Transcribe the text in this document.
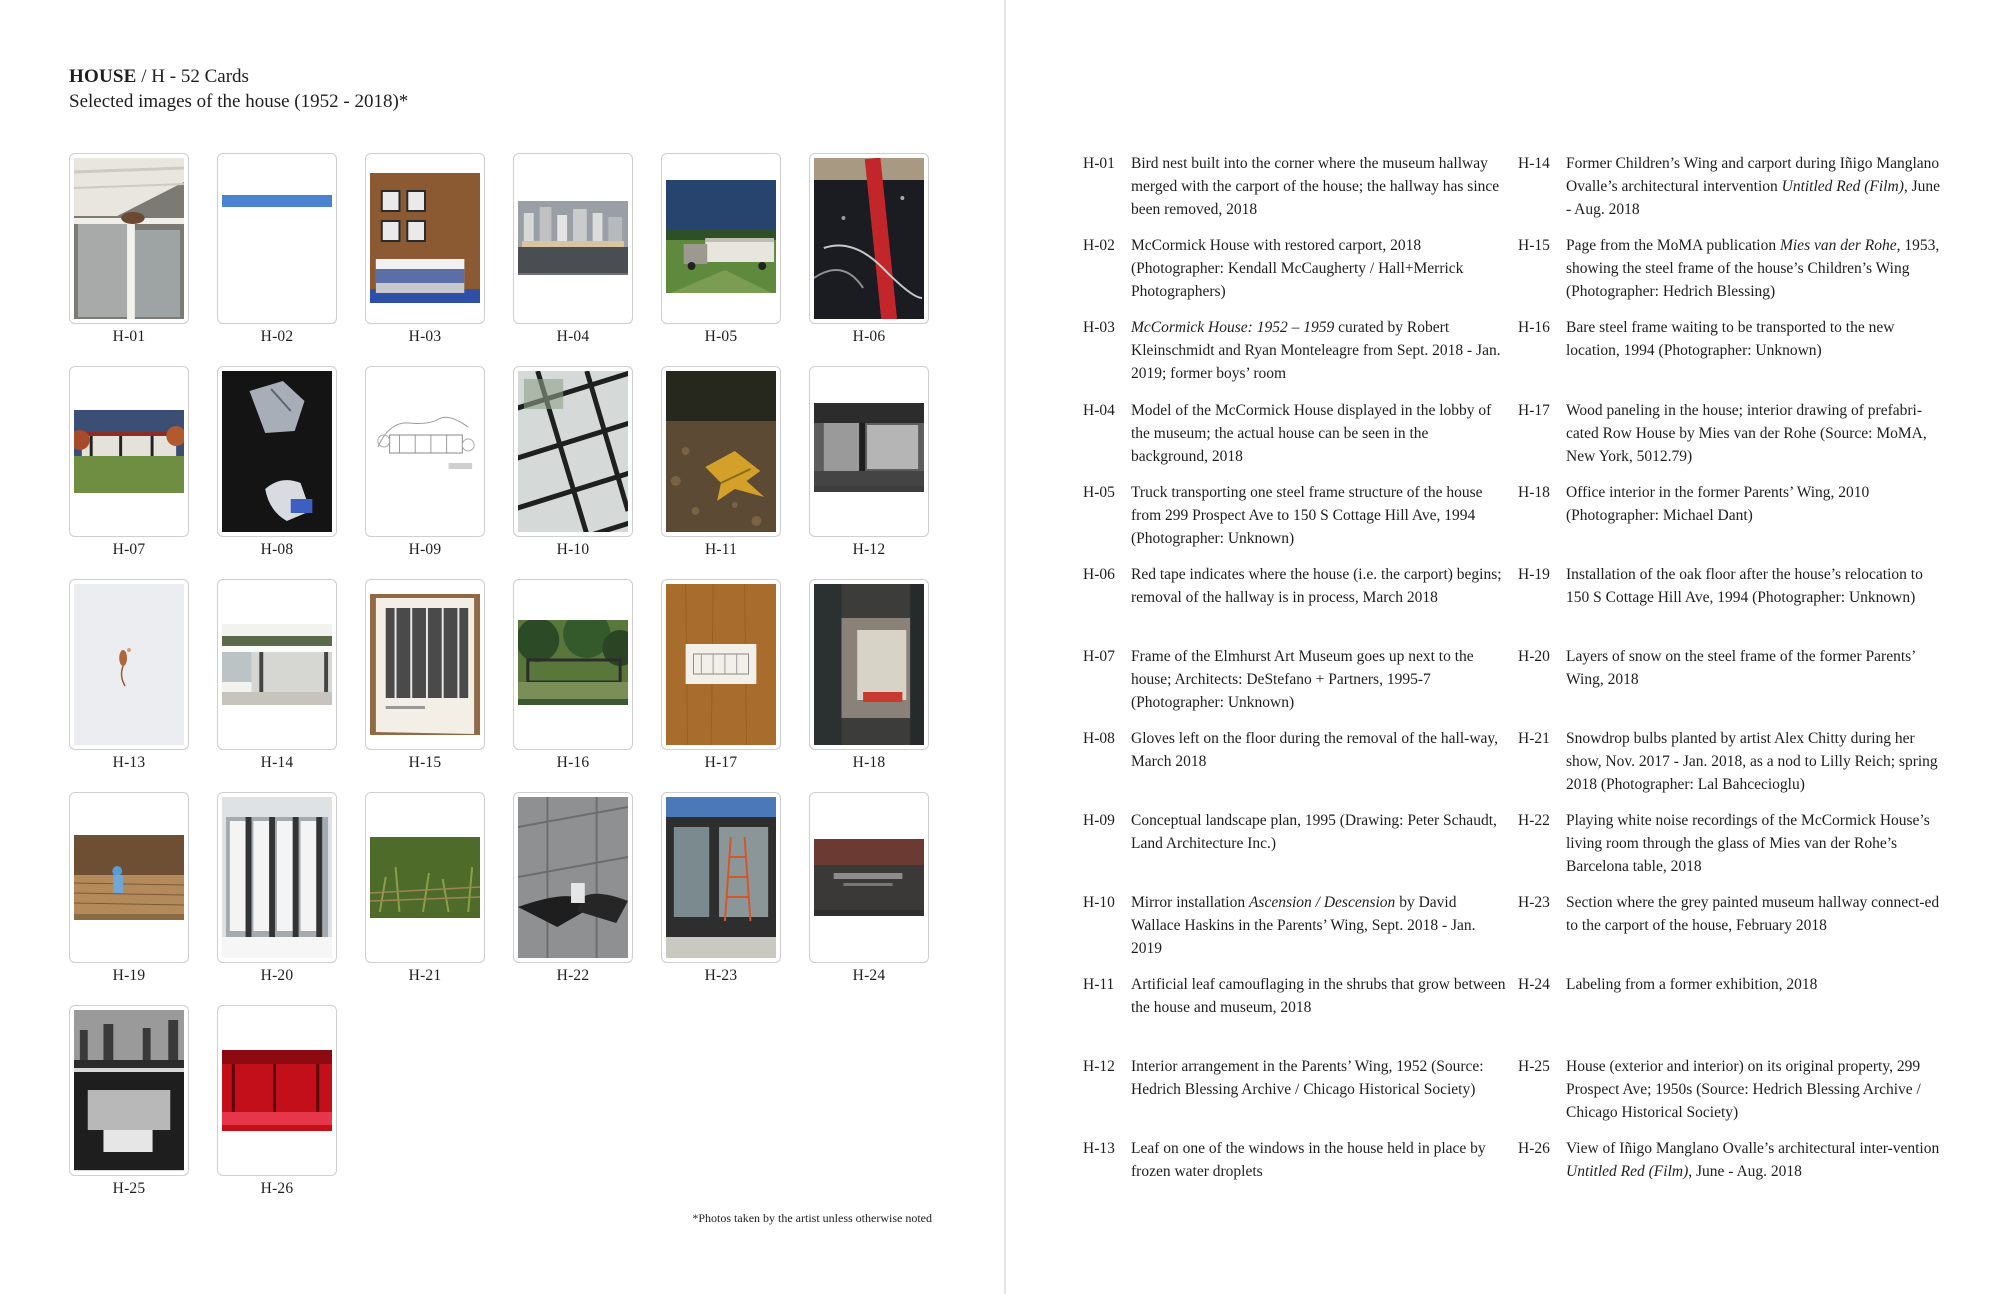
HOUSE / H - 52 Cards
Selected images of the house (1952 - 2018)*
H-01	H-02	H-03	H-04	H-05	H-06
H-07	H-08	H-09	H-10	H-11	H-12
H-13	H-14	H-15	H-16	H-17	H-18
H-19	H-20	H-21	H-22	H-23	H-24
H-25	H-26
*Photos taken by the artist unless otherwise noted
H-01	Bird nest built into the corner where the museum hallway merged with the carport of the house; the hallway has since been removed, 2018
H-02	McCormick House with restored carport, 2018 (Photographer: Kendall McCaugherty / Hall+Merrick Photographers)
H-03	McCormick House: 1952 – 1959 curated by Robert Kleinschmidt and Ryan Monteleagre from Sept. 2018 - Jan. 2019; former boys’ room
H-04	Model of the McCormick House displayed in the lobby of the museum; the actual house can be seen in the background, 2018
H-05	Truck transporting one steel frame structure of the house from 299 Prospect Ave to 150 S Cottage Hill Ave, 1994 (Photographer: Unknown)
H-06	Red tape indicates where the house (i.e. the carport) begins; removal of the hallway is in process, March 2018
H-07	Frame of the Elmhurst Art Museum goes up next to the house; Architects: DeStefano + Partners, 1995-7 (Photographer: Unknown)
H-08	Gloves left on the floor during the removal of the hall-way, March 2018
H-09	Conceptual landscape plan, 1995 (Drawing: Peter Schaudt, Land Architecture Inc.)
H-10	Mirror installation Ascension / Descension by David Wallace Haskins in the Parents’ Wing, Sept. 2018 - Jan. 2019
H-11	Artificial leaf camouflaging in the shrubs that grow between the house and museum, 2018
H-12	Interior arrangement in the Parents’ Wing, 1952 (Source: Hedrich Blessing Archive / Chicago Historical Society)
H-13	Leaf on one of the windows in the house held in place by frozen water droplets
H-14	Former Children’s Wing and carport during Iñigo Manglano Ovalle’s architectural intervention Untitled Red (Film), June - Aug. 2018
H-15	Page from the MoMA publication Mies van der Rohe, 1953, showing the steel frame of the house’s Children’s Wing (Photographer: Hedrich Blessing)
H-16	Bare steel frame waiting to be transported to the new location, 1994 (Photographer: Unknown)
H-17	Wood paneling in the house; interior drawing of prefabri-cated Row House by Mies van der Rohe (Source: MoMA, New York, 5012.79)
H-18	Office interior in the former Parents’ Wing, 2010 (Photographer: Michael Dant)
H-19	Installation of the oak floor after the house’s relocation to 150 S Cottage Hill Ave, 1994 (Photographer: Unknown)
H-20	Layers of snow on the steel frame of the former Parents’ Wing, 2018
H-21	Snowdrop bulbs planted by artist Alex Chitty during her show, Nov. 2017 - Jan. 2018, as a nod to Lilly Reich; spring 2018 (Photographer: Lal Bahcecioglu)
H-22	Playing white noise recordings of the McCormick House’s living room through the glass of Mies van der Rohe’s Barcelona table, 2018
H-23	Section where the grey painted museum hallway connect-ed to the carport of the house, February 2018
H-24	Labeling from a former exhibition, 2018
H-25	House (exterior and interior) on its original property, 299 Prospect Ave; 1950s (Source: Hedrich Blessing Archive / Chicago Historical Society)
H-26	View of Iñigo Manglano Ovalle’s architectural inter-vention Untitled Red (Film), June - Aug. 2018
